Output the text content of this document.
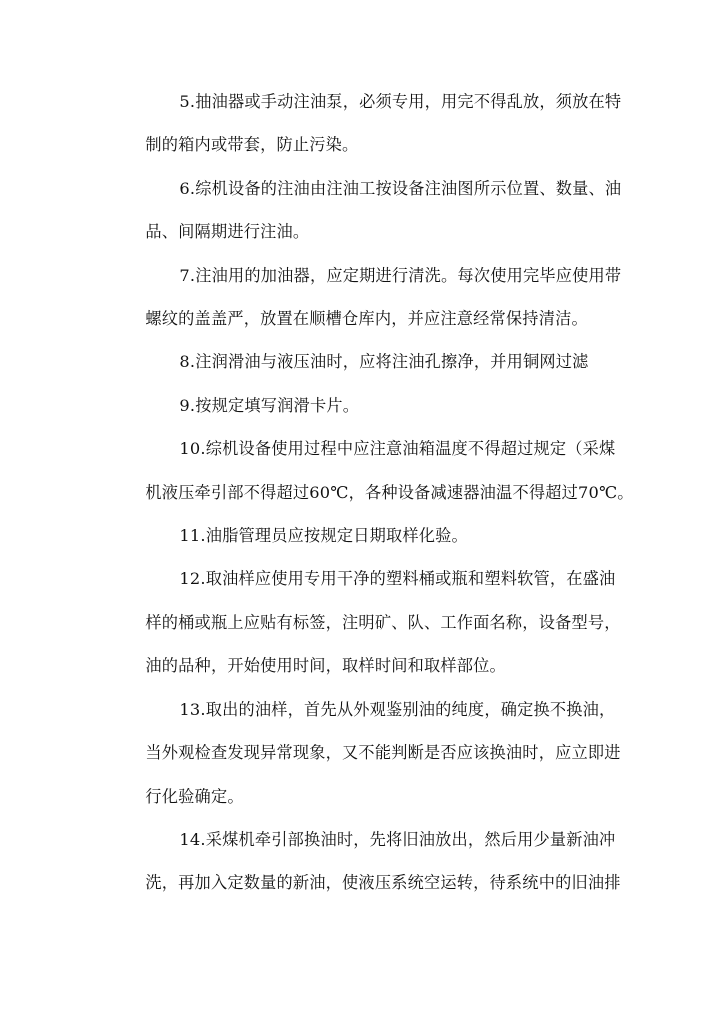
5.抽油器或手动注油泵，必须专用，用完不得乱放，须放在特
制的箱内或带套，防止污染。
6.综机设备的注油由注油工按设备注油图所示位置、数量、油
品、间隔期进行注油。
7.注油用的加油器，应定期进行清洗。每次使用完毕应使用带
螺纹的盖盖严，放置在顺槽仓库内，并应注意经常保持清洁。
8.注润滑油与液压油时，应将注油孔擦净，并用铜网过滤
9.按规定填写润滑卡片。
10.综机设备使用过程中应注意油箱温度不得超过规定（采煤
机液压牵引部不得超过60℃，各种设备减速器油温不得超过70℃。
11.油脂管理员应按规定日期取样化验。
12.取油样应使用专用干净的塑料桶或瓶和塑料软管，在盛油
样的桶或瓶上应贴有标签，注明矿、队、工作面名称，设备型号，
油的品种，开始使用时间，取样时间和取样部位。
13.取出的油样，首先从外观鉴别油的纯度，确定换不换油，
当外观检查发现异常现象，又不能判断是否应该换油时，应立即进
行化验确定。
14.采煤机牵引部换油时，先将旧油放出，然后用少量新油冲
洗，再加入定数量的新油，使液压系统空运转，待系统中的旧油排
